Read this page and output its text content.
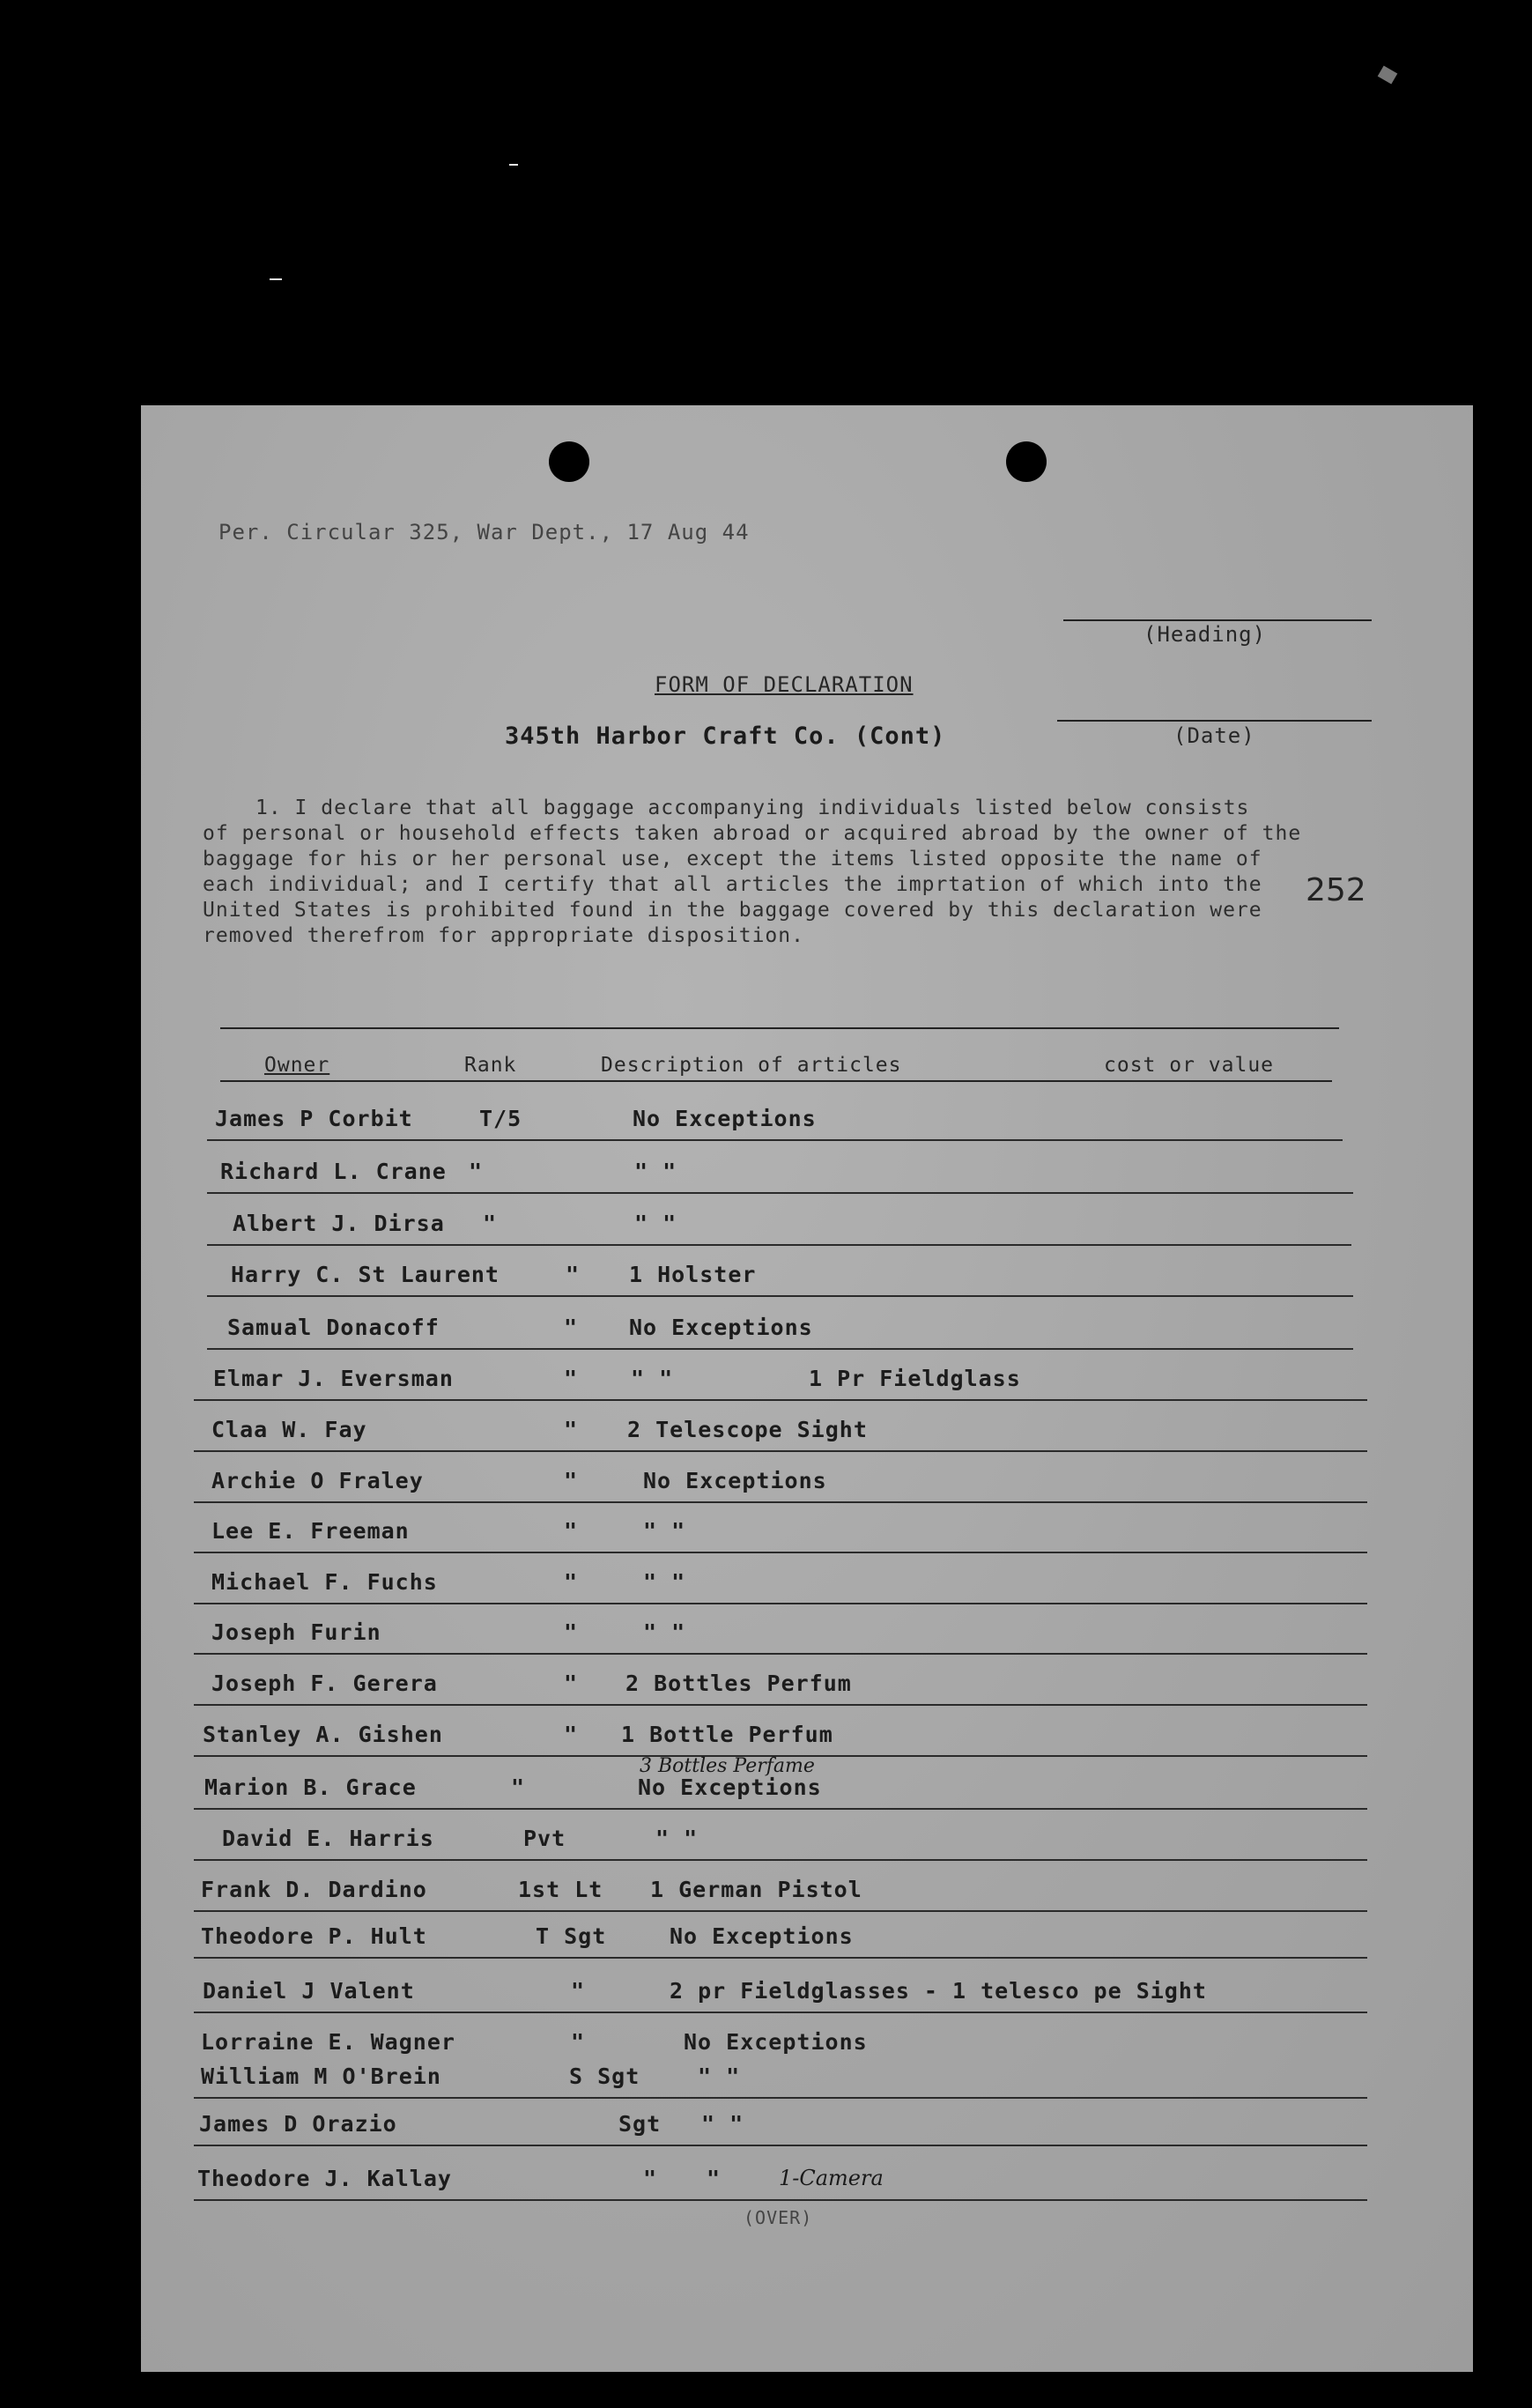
Per. Circular 325, War Dept., 17 Aug 44
(Heading)
FORM OF DECLARATION
(Date)
345th Harbor Craft Co. (Cont)
1. I declare that all baggage accompanying individuals listed below consists
of personal or household effects taken abroad or acquired abroad by the owner of the
baggage for his or her personal use, except the items listed opposite the name of
each individual; and I certify that all articles the imprtation of which into the
United States is prohibited found in the baggage covered by this declaration were
removed therefrom for appropriate disposition.
252
Owner	Rank	Description of articles	cost or value
James P Corbit	T/5	No Exceptions
Richard L. Crane "	" "
Albert J. Dirsa "	" "
Harry C. St Laurent	" 1 Holster
Samual Donacoff	" No Exceptions
Elmar J. Eversman	" " "	1 Pr Fieldglass
Claa W. Fay	" 2 Telescope Sight
Archie O Fraley	"	No Exceptions
Lee E. Freeman	"	" "
Michael F. Fuchs	"	" "
Joseph Furin	"	" "
Joseph F. Gerera	" 2 Bottles Perfum
Stanley A. Gishen	" 1 Bottle Perfum
3 Bottles Perfame
Marion B. Grace	"	No Exceptions
David E. Harris	Pvt	" "
Frank D. Dardino	1st Lt 1 German Pistol
Theodore P. Hult	T Sgt	No Exceptions
Daniel J Valent	"	2 pr Fieldglasses - 1 telesco pe Sight
Lorraine E. Wagner	"	No Exceptions
William M O'Brein	S Sgt	" "
James D Orazio	Sgt " "
Theodore J. Kallay	" "	1-Camera
(OVER)
